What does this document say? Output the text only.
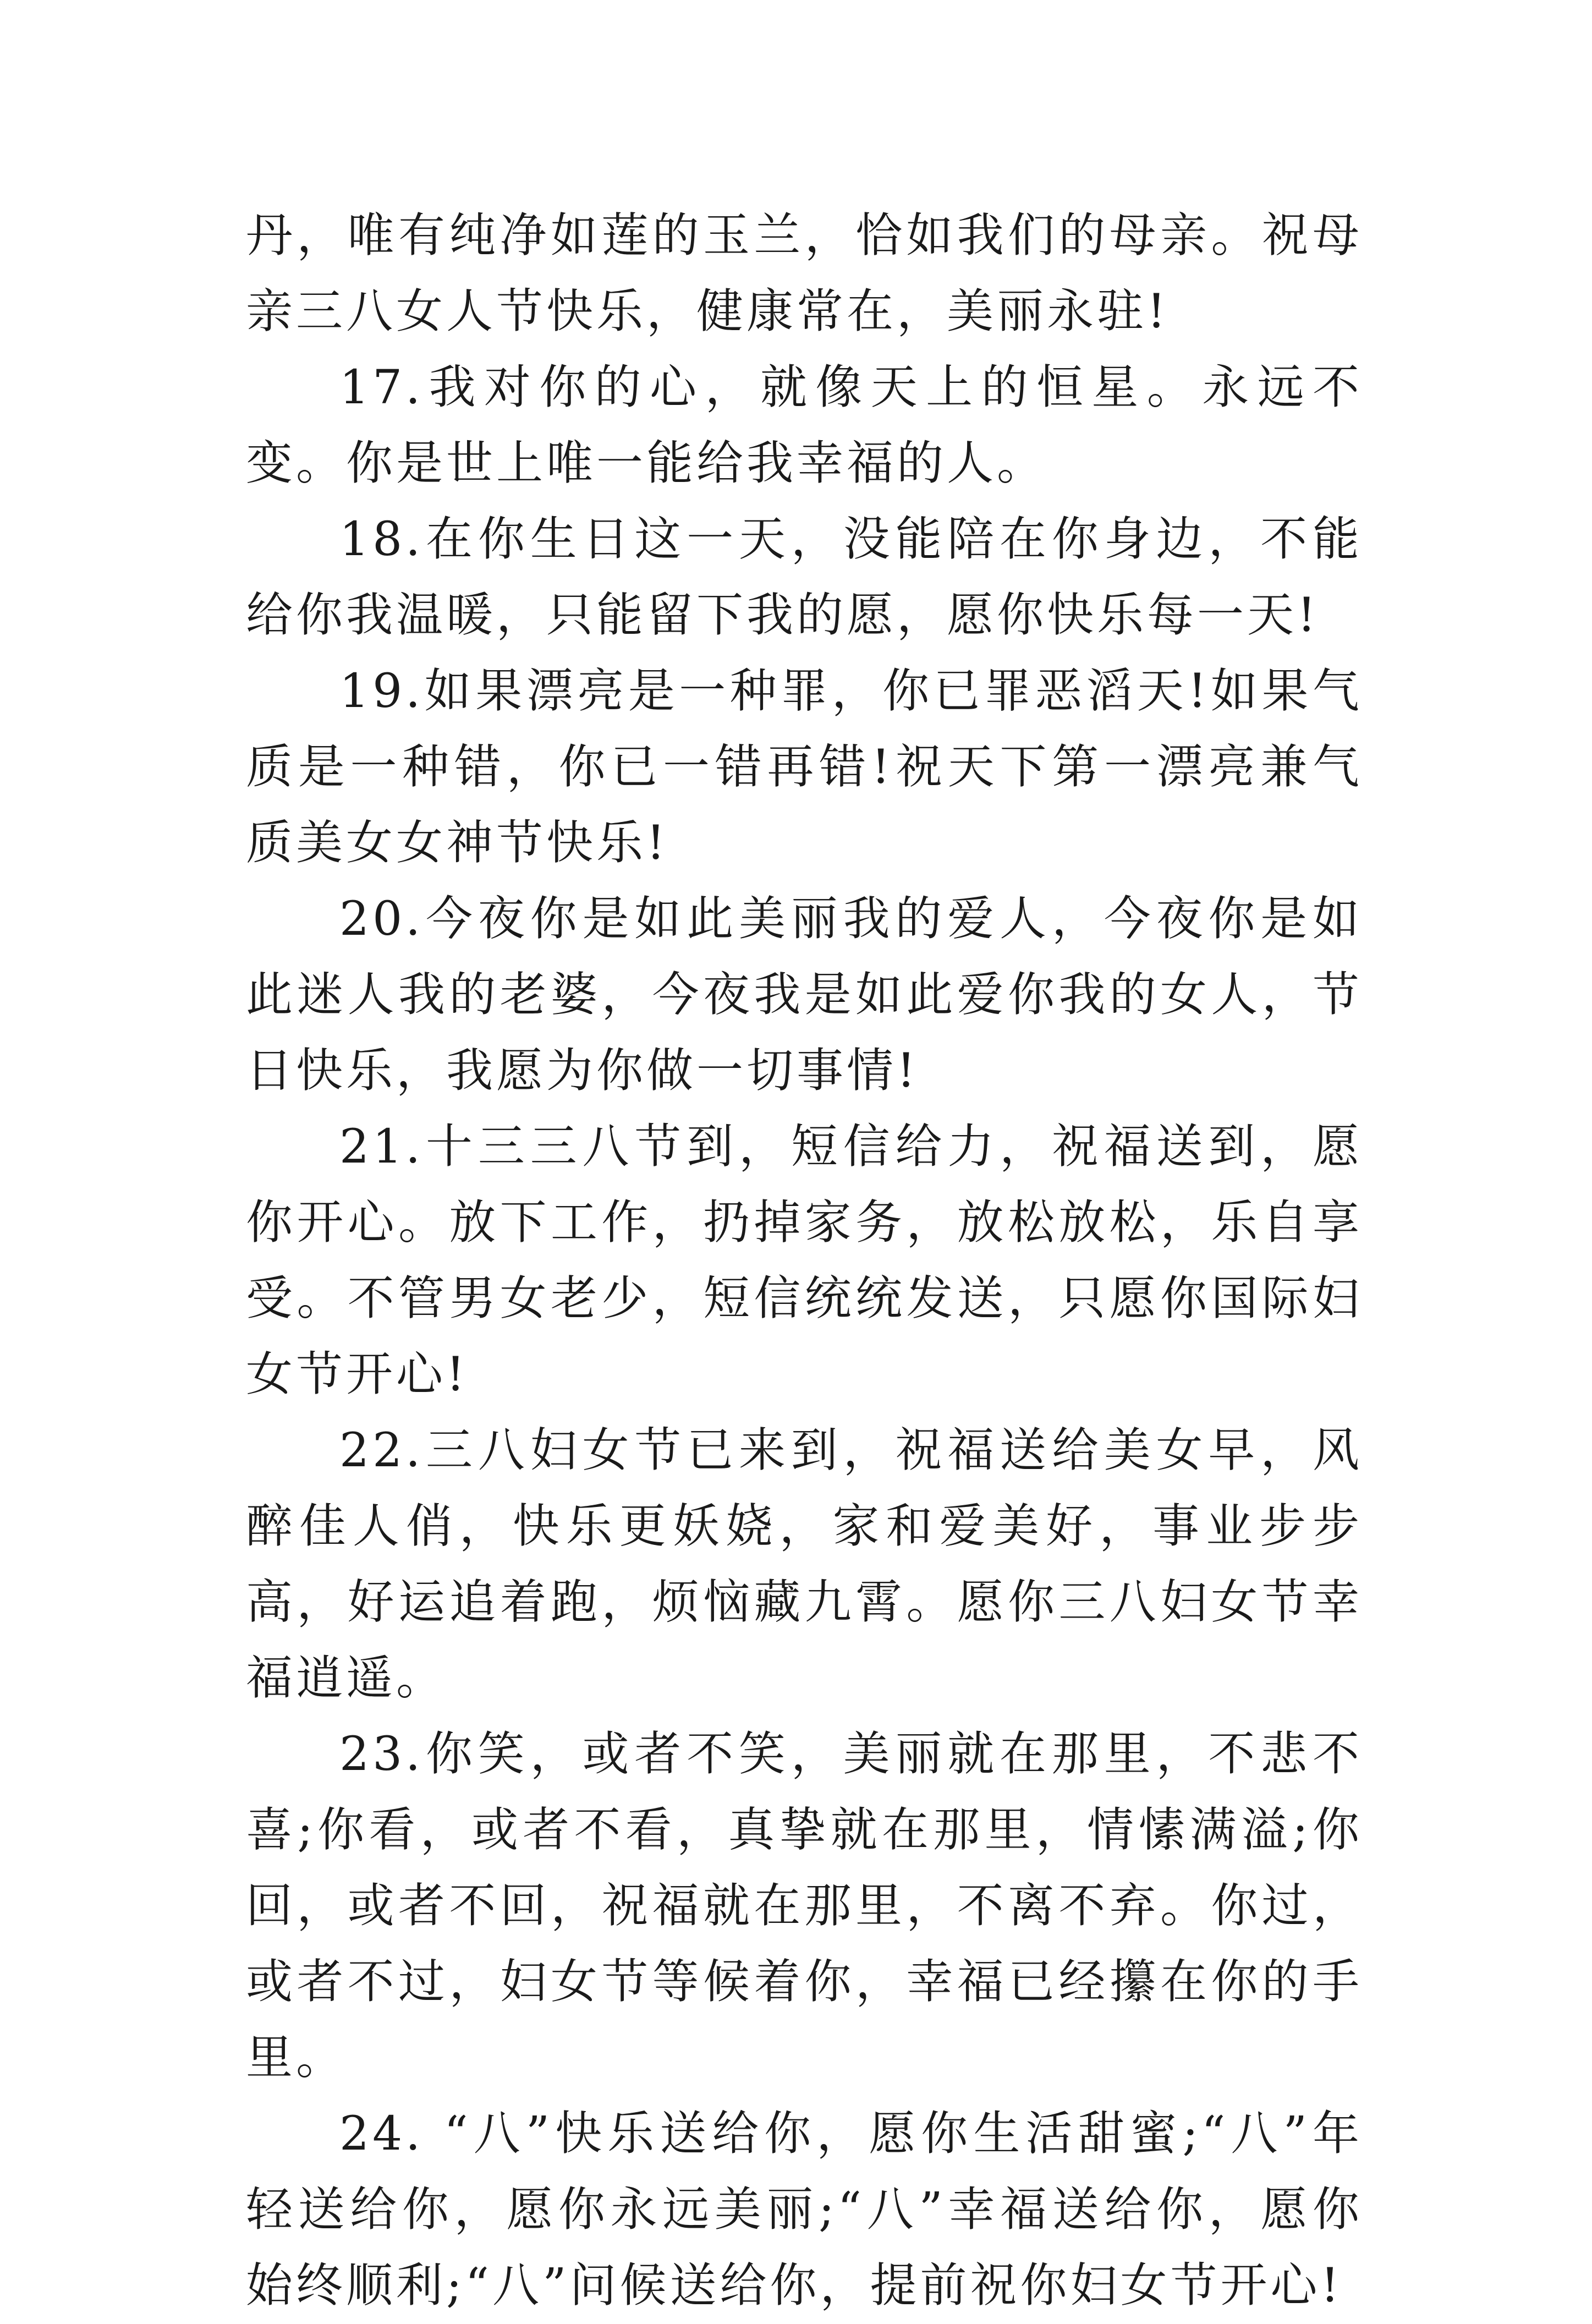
丹，唯有纯净如莲的玉兰，恰如我们的母亲。祝母亲三八女人节快乐，健康常在，美丽永驻!

17.我对你的心，就像天上的恒星。永远不变。你是世上唯一能给我幸福的人。

18.在你生日这一天，没能陪在你身边，不能给你我温暖，只能留下我的愿，愿你快乐每一天!

19.如果漂亮是一种罪，你已罪恶滔天!如果气质是一种错，你已一错再错!祝天下第一漂亮兼气质美女女神节快乐!

20.今夜你是如此美丽我的爱人，今夜你是如此迷人我的老婆，今夜我是如此爱你我的女人，节日快乐，我愿为你做一切事情!

21.十三三八节到，短信给力，祝福送到，愿你开心。放下工作，扔掉家务，放松放松，乐自享受。不管男女老少，短信统统发送，只愿你国际妇女节开心!

22.三八妇女节已来到，祝福送给美女早，风醉佳人俏，快乐更妖娆，家和爱美好，事业步步高，好运追着跑，烦恼藏九霄。愿你三八妇女节幸福逍遥。

23.你笑，或者不笑，美丽就在那里，不悲不喜;你看，或者不看，真挚就在那里，情愫满溢;你回，或者不回，祝福就在那里，不离不弃。你过，或者不过，妇女节等候着你，幸福已经攥在你的手里。

24. “八”快乐送给你，愿你生活甜蜜;“八”年轻送给你，愿你永远美丽;“八”幸福送给你，愿你始终顺利;“八”问候送给你，提前祝你妇女节开心!
